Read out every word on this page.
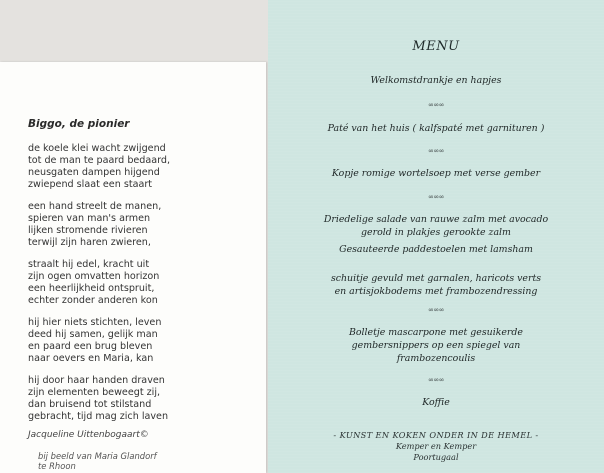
Biggo, de pionier
de koele klei wacht zwijgend
tot de man te paard bedaard,
neusgaten dampen hijgend
zwiepend slaat een staart
een hand streelt de manen,
spieren van man's armen
lijken stromende rivieren
terwijl zijn haren zwieren,
straalt hij edel, kracht uit
zijn ogen omvatten horizon
een heerlijkheid ontspruit,
echter zonder anderen kon
hij hier niets stichten, leven
deed hij samen, gelijk man
en paard een brug bleven
naar oevers en Maria, kan
hij door haar handen draven
zijn elementen beweegt zij,
dan bruisend tot stilstand
gebracht, tijd mag zich laven
Jacqueline Uittenbogaart©
bij beeld van Maria Glandorf
te Rhoon
MENU
Welkomstdrankje en hapjes
∞∞∞
Paté van het huis ( kalfspaté met garnituren )
∞∞∞
Kopje romige wortelsoep met verse gember
∞∞∞
Driedelige salade van rauwe zalm met avocado
gerold in plakjes gerookte zalm
Gesauteerde paddestoelen met lamsham
schuitje gevuld met garnalen, haricots verts
en artisjokbodems met frambozendressing
∞∞∞
Bolletje mascarpone met gesuikerde
gembersnippers op een spiegel van
frambozencoulis
∞∞∞
Koffie
- KUNST EN KOKEN ONDER IN DE HEMEL -
Kemper en Kemper
Poortugaal
